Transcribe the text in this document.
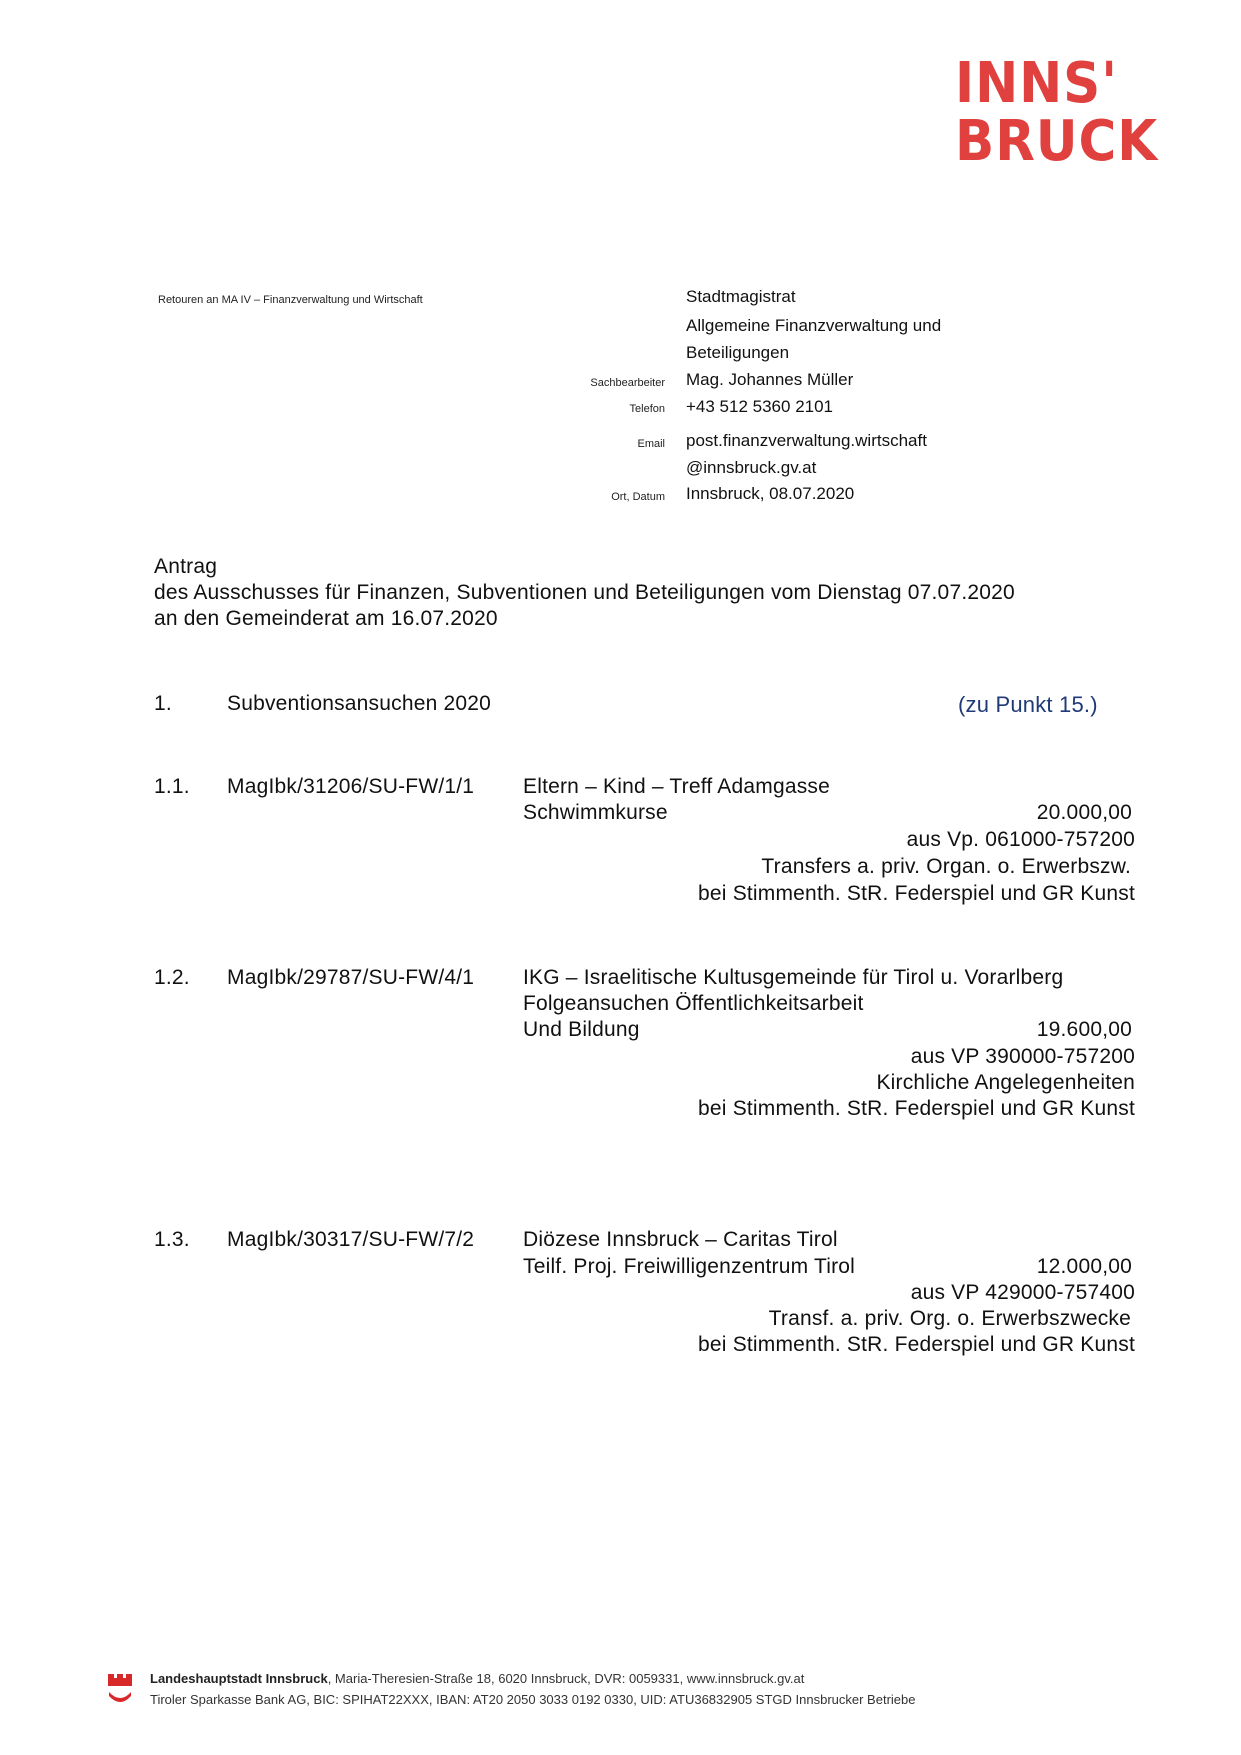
INNS'
BRUCK
Retouren an MA IV – Finanzverwaltung und Wirtschaft	Stadtmagistrat
Allgemeine Finanzverwaltung und
Beteiligungen
Sachbearbeiter Mag. Johannes Müller
Telefon +43 512 5360 2101
Email post.finanzverwaltung.wirtschaft
@innsbruck.gv.at
Ort, Datum Innsbruck, 08.07.2020
Antrag
des Ausschusses für Finanzen, Subventionen und Beteiligungen vom Dienstag 07.07.2020
an den Gemeinderat am 16.07.2020
1.	Subventionsansuchen 2020	(zu Punkt 15.)
1.1. MagIbk/31206/SU-FW/1/1 Eltern – Kind – Treff Adamgasse
Schwimmkurse	20.000,00
aus Vp. 061000-757200
Transfers a. priv. Organ. o. Erwerbszw.
bei Stimmenth. StR. Federspiel und GR Kunst
1.2. MagIbk/29787/SU-FW/4/1 IKG – Israelitische Kultusgemeinde für Tirol u. Vorarlberg
Folgeansuchen Öffentlichkeitsarbeit
Und Bildung	19.600,00
aus VP 390000-757200
Kirchliche Angelegenheiten
bei Stimmenth. StR. Federspiel und GR Kunst
1.3. MagIbk/30317/SU-FW/7/2 Diözese Innsbruck – Caritas Tirol
Teilf. Proj. Freiwilligenzentrum Tirol	12.000,00
aus VP 429000-757400
Transf. a. priv. Org. o. Erwerbszwecke
bei Stimmenth. StR. Federspiel und GR Kunst
Landeshauptstadt Innsbruck, Maria-Theresien-Straße 18, 6020 Innsbruck, DVR: 0059331, www.innsbruck.gv.at
Tiroler Sparkasse Bank AG, BIC: SPIHAT22XXX, IBAN: AT20 2050 3033 0192 0330, UID: ATU36832905 STGD Innsbrucker Betriebe
